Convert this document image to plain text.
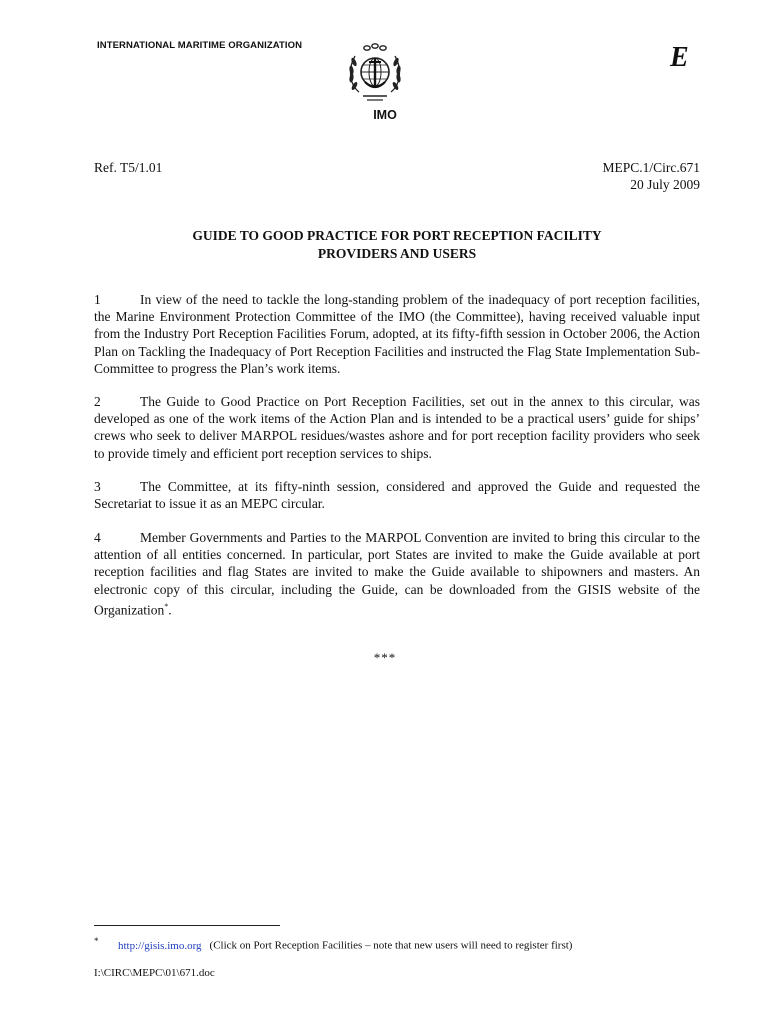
INTERNATIONAL MARITIME ORGANIZATION	E
IMO
Ref. T5/1.01	MEPC.1/Circ.671
20 July 2009
GUIDE TO GOOD PRACTICE FOR PORT RECEPTION FACILITY
PROVIDERS AND USERS
1	In view of the need to tackle the long-standing problem of the inadequacy of port reception facilities, the Marine Environment Protection Committee of the IMO (the Committee), having received valuable input from the Industry Port Reception Facilities Forum, adopted, at its fifty-fifth session in October 2006, the Action Plan on Tackling the Inadequacy of Port Reception Facilities and instructed the Flag State Implementation Sub-Committee to progress the Plan’s work items.
2	The Guide to Good Practice on Port Reception Facilities, set out in the annex to this circular, was developed as one of the work items of the Action Plan and is intended to be a practical users’ guide for ships’ crews who seek to deliver MARPOL residues/wastes ashore and for port reception facility providers who seek to provide timely and efficient port reception services to ships.
3	The Committee, at its fifty-ninth session, considered and approved the Guide and requested the Secretariat to issue it as an MEPC circular.
4	Member Governments and Parties to the MARPOL Convention are invited to bring this circular to the attention of all entities concerned. In particular, port States are invited to make the Guide available at port reception facilities and flag States are invited to make the Guide available to shipowners and masters. An electronic copy of this circular, including the Guide, can be downloaded from the GISIS website of the Organization*.
***
* http://gisis.imo.org (Click on Port Reception Facilities – note that new users will need to register first)
I:\CIRC\MEPC\01\671.doc
